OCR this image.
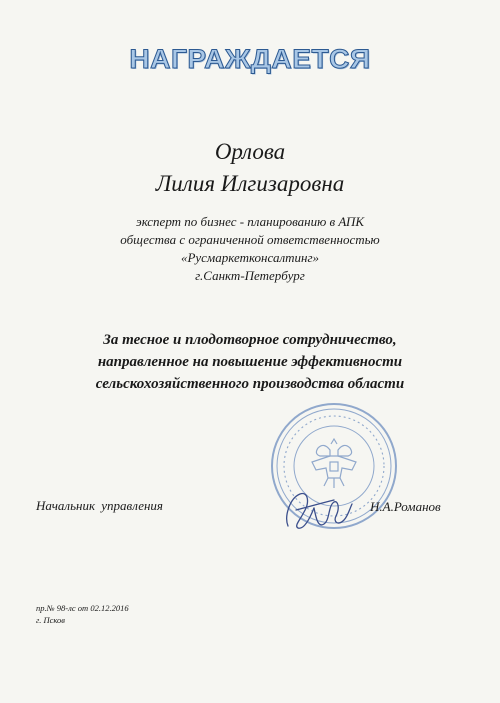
НАГРАЖДАЕТСЯ
Орлова
Лилия Илгизаровна
эксперт по бизнес - планированию в АПК
общества с ограниченной ответственностью
«Русмаркетконсалтинг»
г.Санкт-Петербург
За тесное и плодотворное сотрудничество,
направленное на повышение эффективности
сельскохозяйственного производства области
Начальник управления	Н.А.Романов
пр.№ 98-лс от 02.12.2016
г. Псков
